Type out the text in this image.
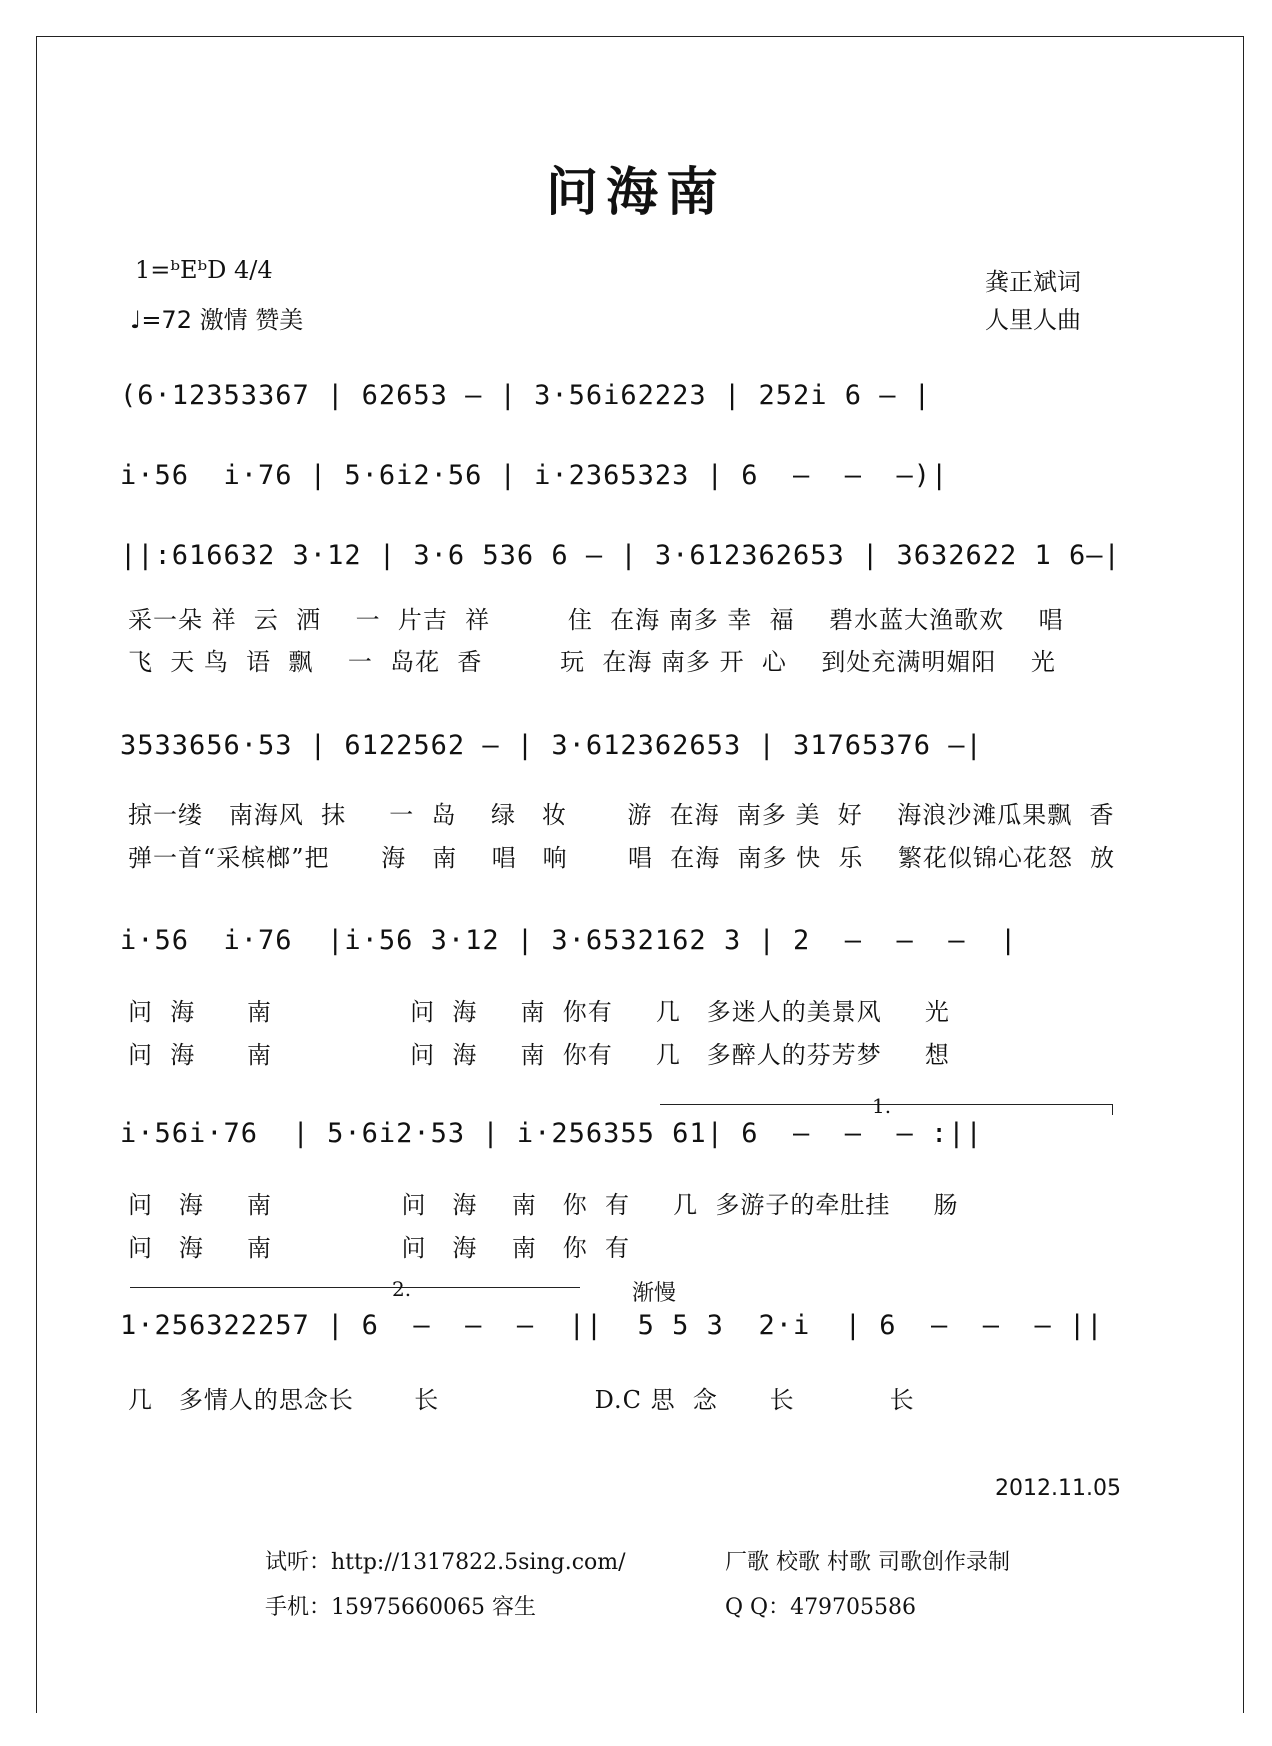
问海南
1=ᵇEᵇD 4/4
♩=72 激情 赞美
龚正斌词
人里人曲
(6·12353367 | 62653 – | 3·56i62223 | 252i 6 – |
i·56  i·76 | 5·6i2·56 | i·2365323 | 6  –  –  –)|
||:616632 3·12 | 3·6 536 6 – | 3·612362653 | 3632622 1 6–|
采一朵 祥  云  洒    一  片吉  祥         住  在海 南多 幸  福    碧水蓝大渔歌欢    唱
飞  天 鸟  语  飘    一  岛花  香         玩  在海 南多 开  心    到处充满明媚阳    光
3533656·53 | 6122562 – | 3·612362653 | 31765376 –|
掠一缕   南海风  抹     一  岛    绿   妆       游  在海  南多 美  好    海浪沙滩瓜果飘  香
弹一首“采槟榔”把      海   南    唱   响       唱  在海  南多 快  乐    繁花似锦心花怒  放
i·56  i·76  |i·56 3·12 | 3·6532162 3 | 2  –  –  –  |
问  海      南                问  海     南  你有     几   多迷人的美景风     光
问  海      南                问  海     南  你有     几   多醉人的芬芳梦     想
1.
i·56i·76  | 5·6i2·53 | i·256355 61| 6  –  –  – :||
问   海     南               问   海    南   你  有     几  多游子的牵肚挂     肠
问   海     南               问   海    南   你  有
2.	渐慢
1·256322257 | 6  –  –  –  ||  5 5 3  2·i  | 6  –  –  – ||
几   多情人的思念长       长                  D.C 思  念      长           长
2012.11.05
试听：http://1317822.5sing.com/
手机：15975660065 容生
厂歌 校歌 村歌 司歌创作录制
Q Q：479705586
